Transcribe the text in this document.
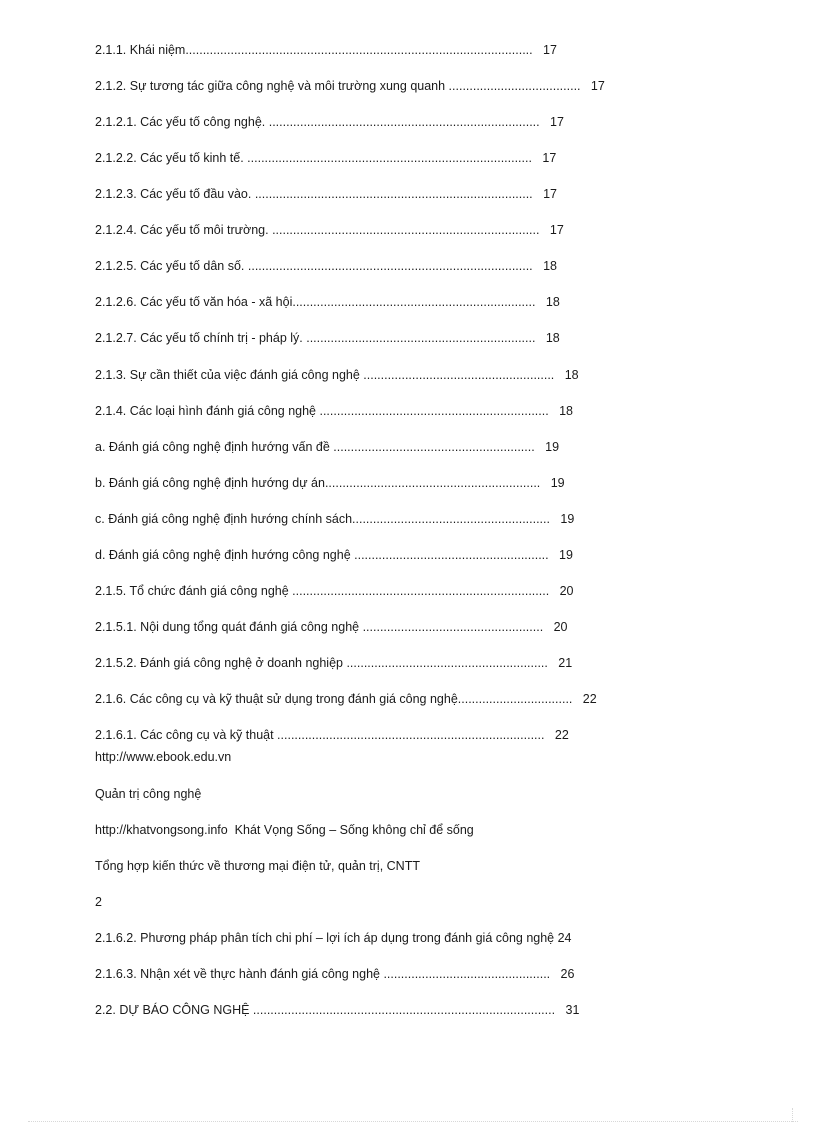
2.1.1. Khái niệm....................................................................................................   17
2.1.2. Sự tương tác giữa công nghệ và môi trường xung quanh ......................................   17
2.1.2.1. Các yếu tố công nghệ. ..............................................................................   17
2.1.2.2. Các yếu tố kinh tế. ..................................................................................   17
2.1.2.3. Các yếu tố đầu vào. ................................................................................   17
2.1.2.4. Các yếu tố môi trường. .............................................................................   17
2.1.2.5. Các yếu tố dân số. ..................................................................................   18
2.1.2.6. Các yếu tố văn hóa - xã hội......................................................................   18
2.1.2.7. Các yếu tố chính trị - pháp lý. ..................................................................   18
2.1.3. Sự cần thiết của việc đánh giá công nghệ .......................................................   18
2.1.4. Các loại hình đánh giá công nghệ ..................................................................   18
a. Đánh giá công nghệ định hướng vấn đề ..........................................................   19
b. Đánh giá công nghệ định hướng dự án..............................................................   19
c. Đánh giá công nghệ định hướng chính sách.........................................................   19
d. Đánh giá công nghệ định hướng công nghệ ........................................................   19
2.1.5. Tổ chức đánh giá công nghệ ..........................................................................   20
2.1.5.1. Nội dung tổng quát đánh giá công nghệ ....................................................   20
2.1.5.2. Đánh giá công nghệ ở doanh nghiệp ..........................................................   21
2.1.6. Các công cụ và kỹ thuật sử dụng trong đánh giá công nghệ.................................   22
2.1.6.1. Các công cụ và kỹ thuật .............................................................................   22
http://www.ebook.edu.vn
Quản trị công nghệ
http://khatvongsong.info  Khát Vọng Sống – Sống không chỉ để sống
Tổng hợp kiến thức về thương mại điện tử, quản trị, CNTT
2
2.1.6.2. Phương pháp phân tích chi phí – lợi ích áp dụng trong đánh giá công nghệ 24
2.1.6.3. Nhận xét về thực hành đánh giá công nghệ ................................................   26
2.2. DỰ BÁO CÔNG NGHỆ .......................................................................................   31
